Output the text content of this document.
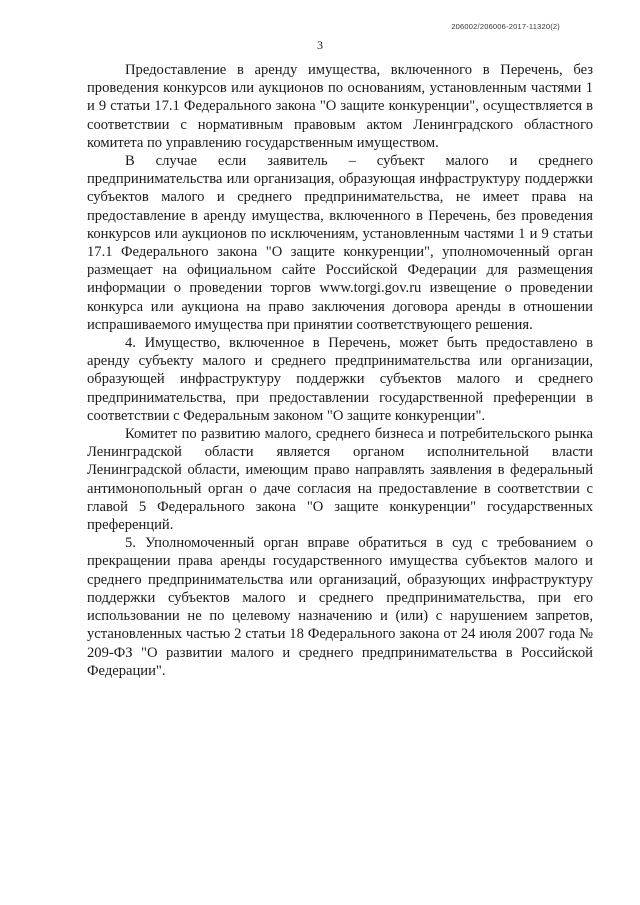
206002/206006-2017-11320(2)
3

Предоставление в аренду имущества, включенного в Перечень, без проведения конкурсов или аукционов по основаниям, установленным частями 1 и 9 статьи 17.1 Федерального закона "О защите конкуренции", осуществляется в соответствии с нормативным правовым актом Ленинградского областного комитета по управлению государственным имуществом.

В случае если заявитель – субъект малого и среднего предпринимательства или организация, образующая инфраструктуру поддержки субъектов малого и среднего предпринимательства, не имеет права на предоставление в аренду имущества, включенного в Перечень, без проведения конкурсов или аукционов по исключениям, установленным частями 1 и 9 статьи 17.1 Федерального закона "О защите конкуренции", уполномоченный орган размещает на официальном сайте Российской Федерации для размещения информации о проведении торгов www.torgi.gov.ru извещение о проведении конкурса или аукциона на право заключения договора аренды в отношении испрашиваемого имущества при принятии соответствующего решения.

4. Имущество, включенное в Перечень, может быть предоставлено в аренду субъекту малого и среднего предпринимательства или организации, образующей инфраструктуру поддержки субъектов малого и среднего предпринимательства, при предоставлении государственной преференции в соответствии с Федеральным законом "О защите конкуренции".

Комитет по развитию малого, среднего бизнеса и потребительского рынка Ленинградской области является органом исполнительной власти Ленинградской области, имеющим право направлять заявления в федеральный антимонопольный орган о даче согласия на предоставление в соответствии с главой 5 Федерального закона "О защите конкуренции" государственных преференций.

5. Уполномоченный орган вправе обратиться в суд с требованием о прекращении права аренды государственного имущества субъектов малого и среднего предпринимательства или организаций, образующих инфраструктуру поддержки субъектов малого и среднего предпринимательства, при его использовании не по целевому назначению и (или) с нарушением запретов, установленных частью 2 статьи 18 Федерального закона от 24 июля 2007 года № 209-ФЗ "О развитии малого и среднего предпринимательства в Российской Федерации".
